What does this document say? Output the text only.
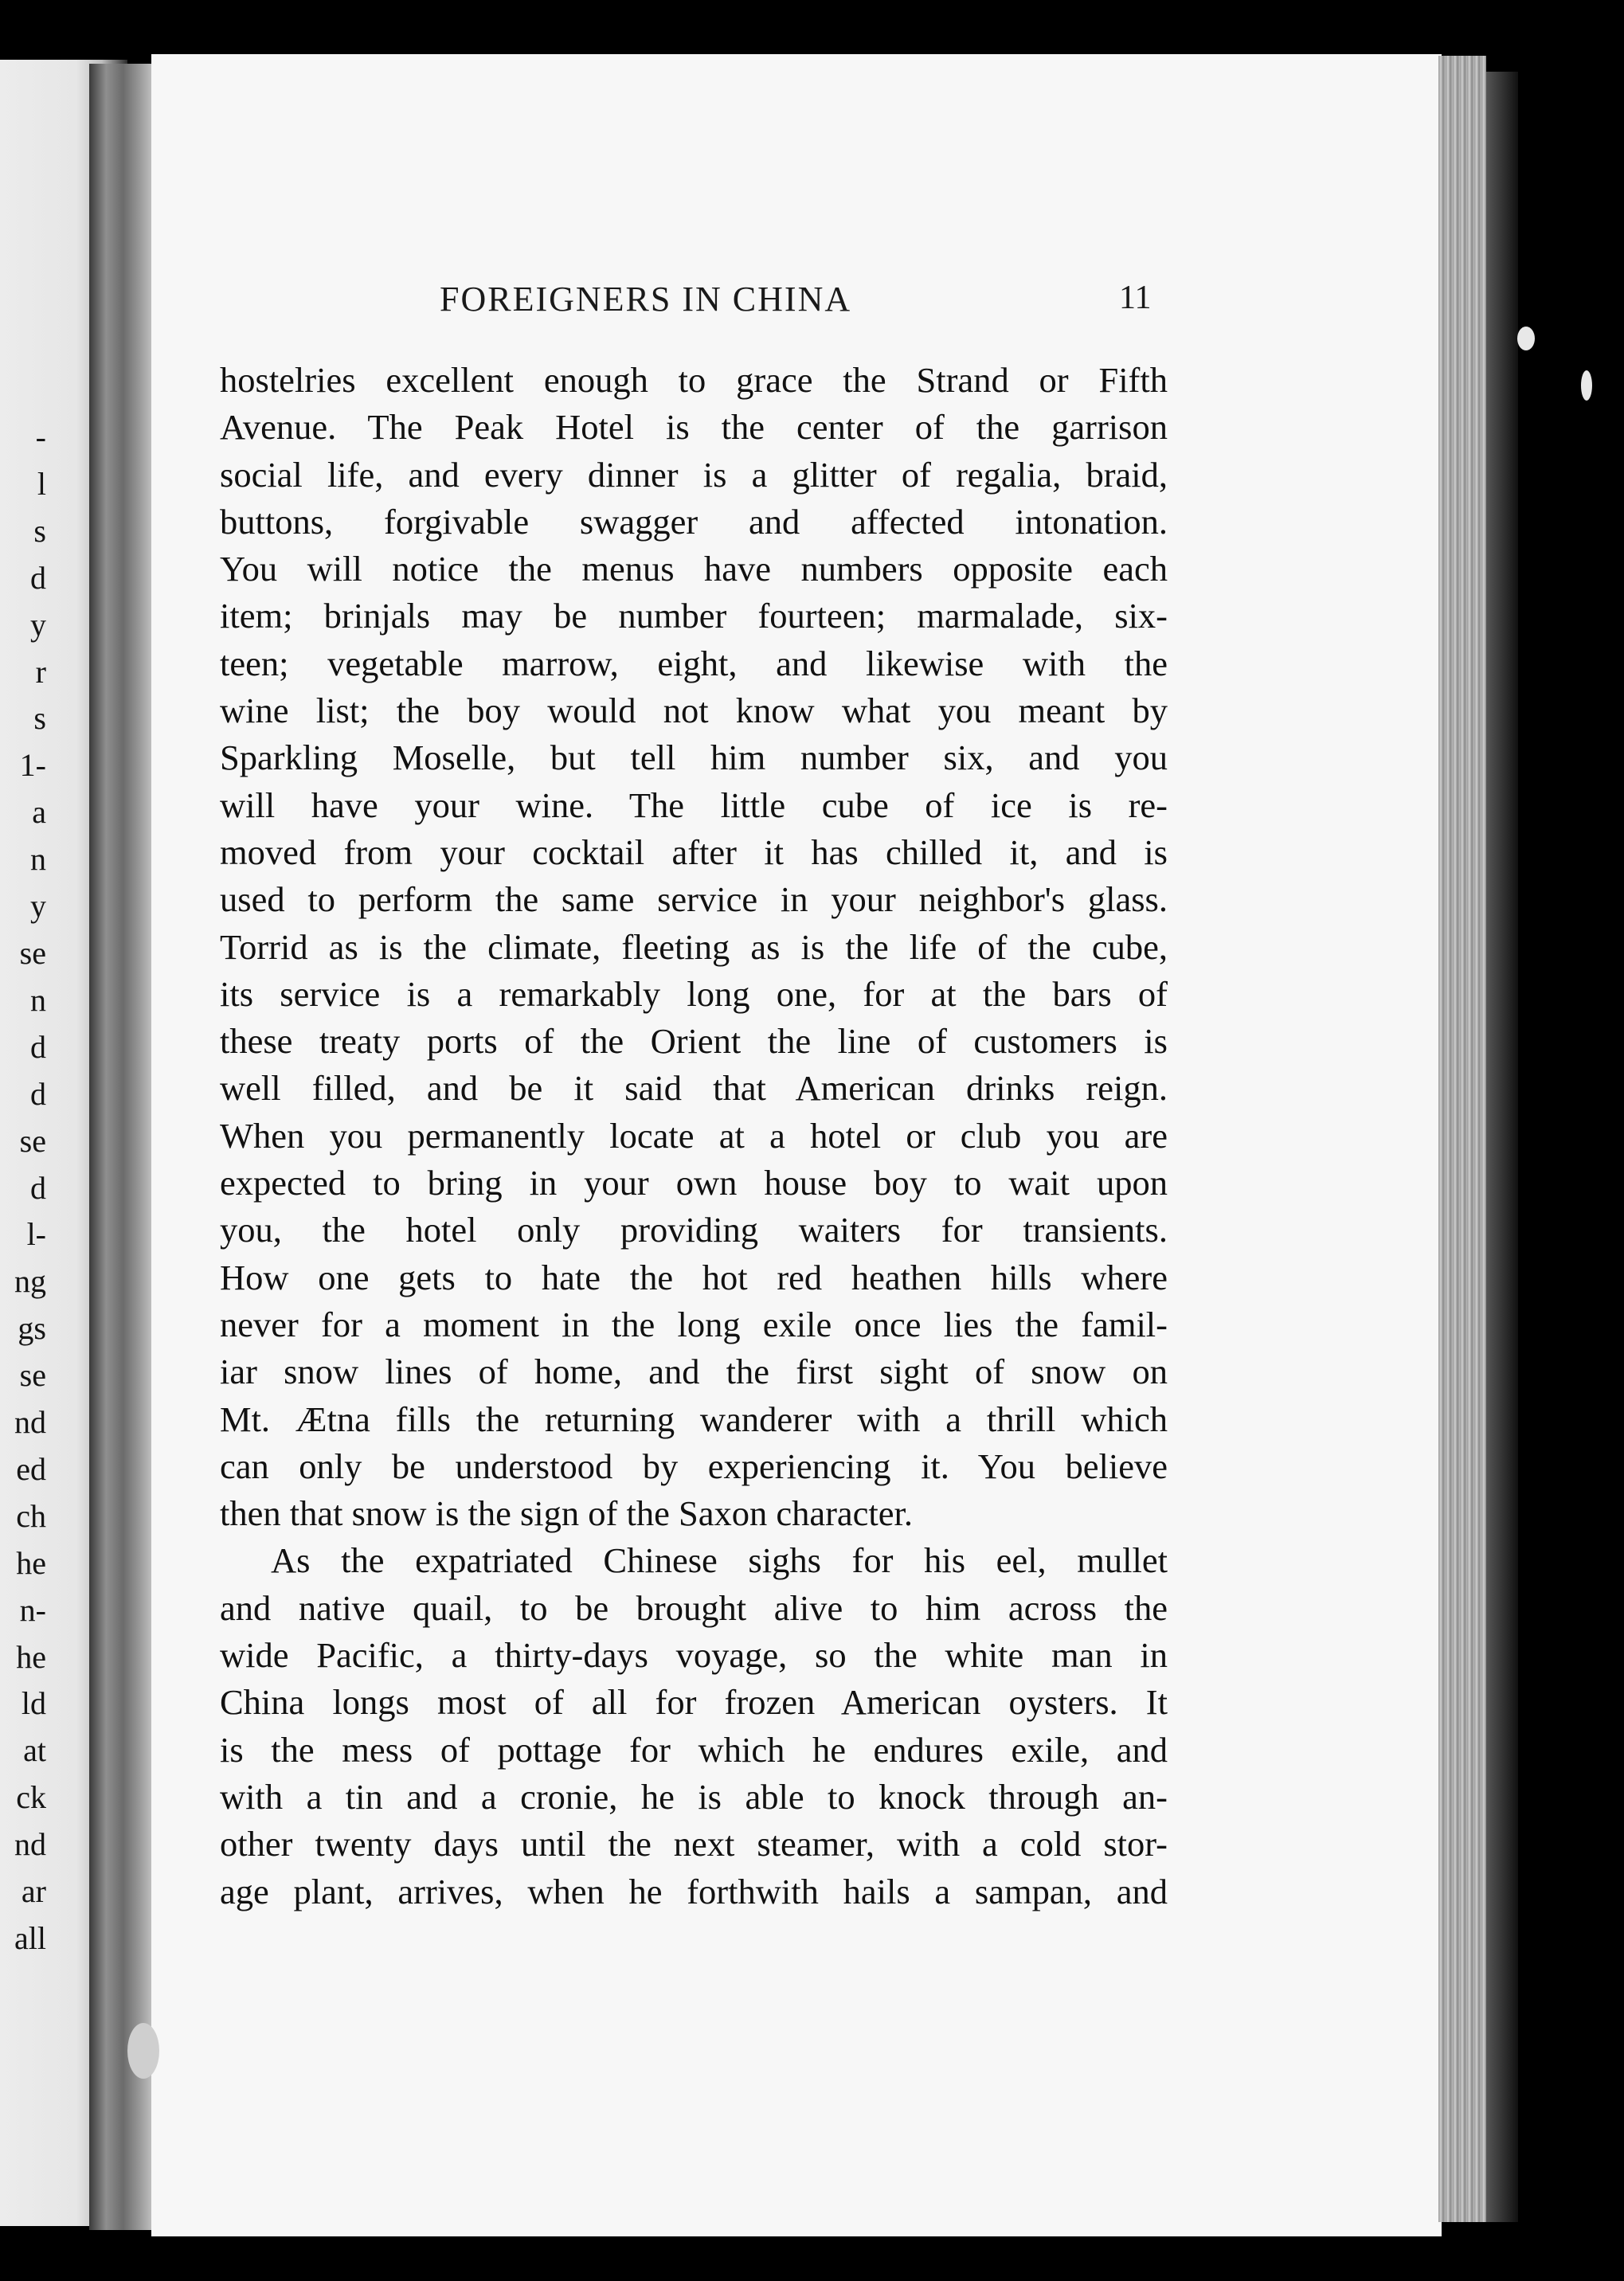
-
l
s
d
y
r
s
1-
a
n
y
se
n
d
d
se
d
l-
ng
gs
se
nd
ed
ch
he
n-
he
ld
at
ck
nd
ar
all
FOREIGNERS IN CHINA	11
hostelries excellent enough to grace the Strand or Fifth
Avenue. The Peak Hotel is the center of the garrison
social life, and every dinner is a glitter of regalia, braid,
buttons, forgivable swagger and affected intonation.
You will notice the menus have numbers opposite each
item; brinjals may be number fourteen; marmalade, six-
teen; vegetable marrow, eight, and likewise with the
wine list; the boy would not know what you meant by
Sparkling Moselle, but tell him number six, and you
will have your wine. The little cube of ice is re-
moved from your cocktail after it has chilled it, and is
used to perform the same service in your neighbor's glass.
Torrid as is the climate, fleeting as is the life of the cube,
its service is a remarkably long one, for at the bars of
these treaty ports of the Orient the line of customers is
well filled, and be it said that American drinks reign.
When you permanently locate at a hotel or club you are
expected to bring in your own house boy to wait upon
you, the hotel only providing waiters for transients.
How one gets to hate the hot red heathen hills where
never for a moment in the long exile once lies the famil-
iar snow lines of home, and the first sight of snow on
Mt. Ætna fills the returning wanderer with a thrill which
can only be understood by experiencing it. You believe
then that snow is the sign of the Saxon character.
As the expatriated Chinese sighs for his eel, mullet
and native quail, to be brought alive to him across the
wide Pacific, a thirty-days voyage, so the white man in
China longs most of all for frozen American oysters. It
is the mess of pottage for which he endures exile, and
with a tin and a cronie, he is able to knock through an-
other twenty days until the next steamer, with a cold stor-
age plant, arrives, when he forthwith hails a sampan, and
